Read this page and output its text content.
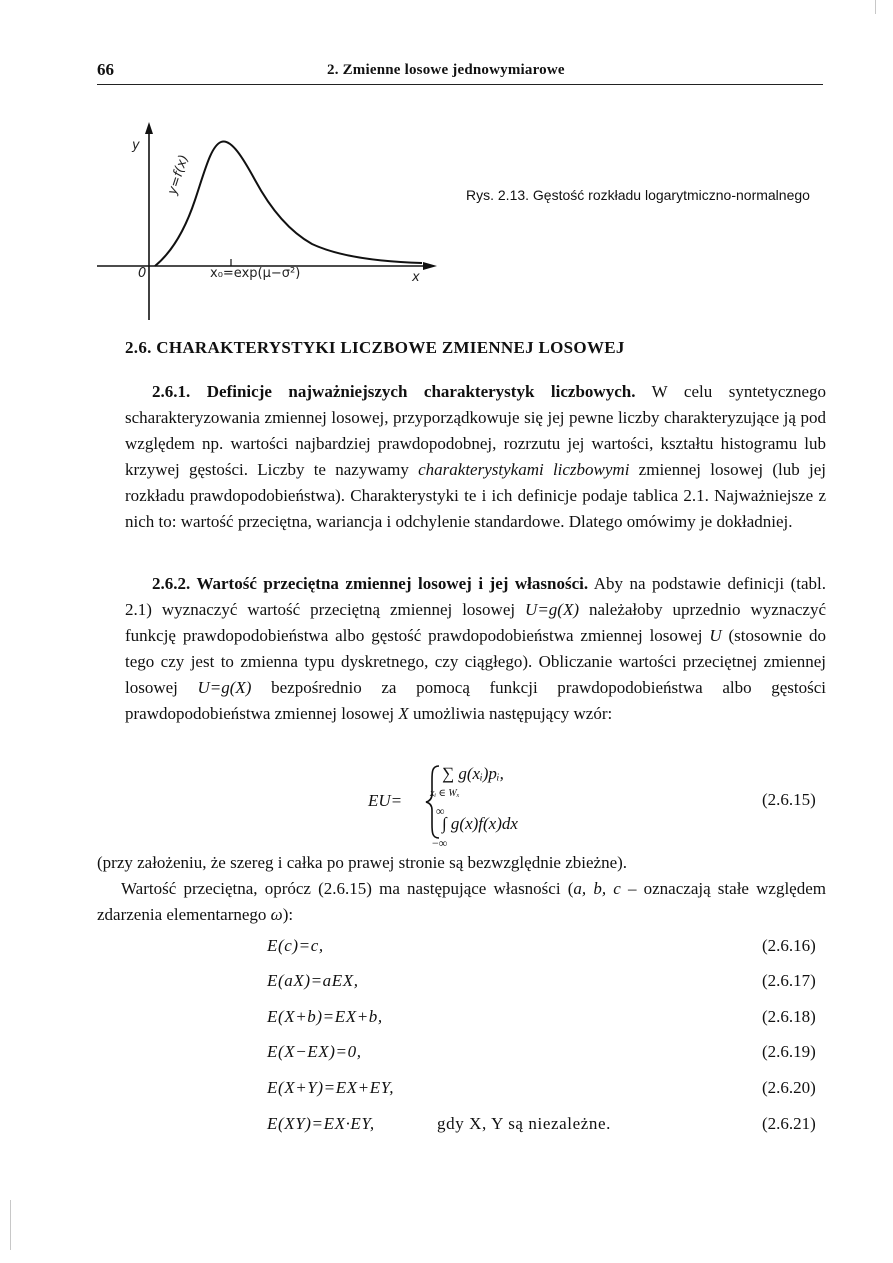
66	2. Zmienne losowe jednowymiarowe
y
0	x
x₀=exp(μ−σ²)
y=f(x)	Rys. 2.13. Gęstość rozkładu logarytmiczno-normalnego
2.6. CHARAKTERYSTYKI LICZBOWE ZMIENNEJ LOSOWEJ
2.6.1. Definicje najważniejszych charakterystyk liczbowych. W celu syntetycznego scharakteryzowania zmiennej losowej, przyporządkowuje się jej pewne liczby charakteryzujące ją pod względem np. wartości najbardziej prawdopodobnej, rozrzutu jej wartości, kształtu histogramu lub krzywej gęstości. Liczby te nazywamy charakterystykami liczbowymi zmiennej losowej (lub jej rozkładu prawdopodobieństwa). Charakterystyki te i ich definicje podaje tablica 2.1. Najważniejsze z nich to: wartość przeciętna, wariancja i odchylenie standardowe. Dlatego omówimy je dokładniej.
2.6.2. Wartość przeciętna zmiennej losowej i jej własności. Aby na podstawie definicji (tabl. 2.1) wyznaczyć wartość przeciętną zmiennej losowej U=g(X) należałoby uprzednio wyznaczyć funkcję prawdopodobieństwa albo gęstość prawdopodobieństwa zmiennej losowej U (stosownie do tego czy jest to zmienna typu dyskretnego, czy ciągłego). Obliczanie wartości przeciętnej zmiennej losowej U=g(X) bezpośrednio za pomocą funkcji prawdopodobieństwa albo gęstości prawdopodobieństwa zmiennej losowej X umożliwia następujący wzór:
EU=
∑ g(xᵢ)pᵢ,
xᵢ ∈ Wₓ
∞
∫ g(x)f(x)dx
−∞
(2.6.15)
(przy założeniu, że szereg i całka po prawej stronie są bezwzględnie zbieżne).
Wartość przeciętna, oprócz (2.6.15) ma następujące własności (a, b, c – oznaczają stałe względem zdarzenia elementarnego ω):
E(c)=c,	(2.6.16)
E(aX)=aEX,	(2.6.17)
E(X+b)=EX+b,	(2.6.18)
E(X−EX)=0,	(2.6.19)
E(X+Y)=EX+EY,	(2.6.20)
E(XY)=EX·EY,	gdy X, Y są niezależne.	(2.6.21)
